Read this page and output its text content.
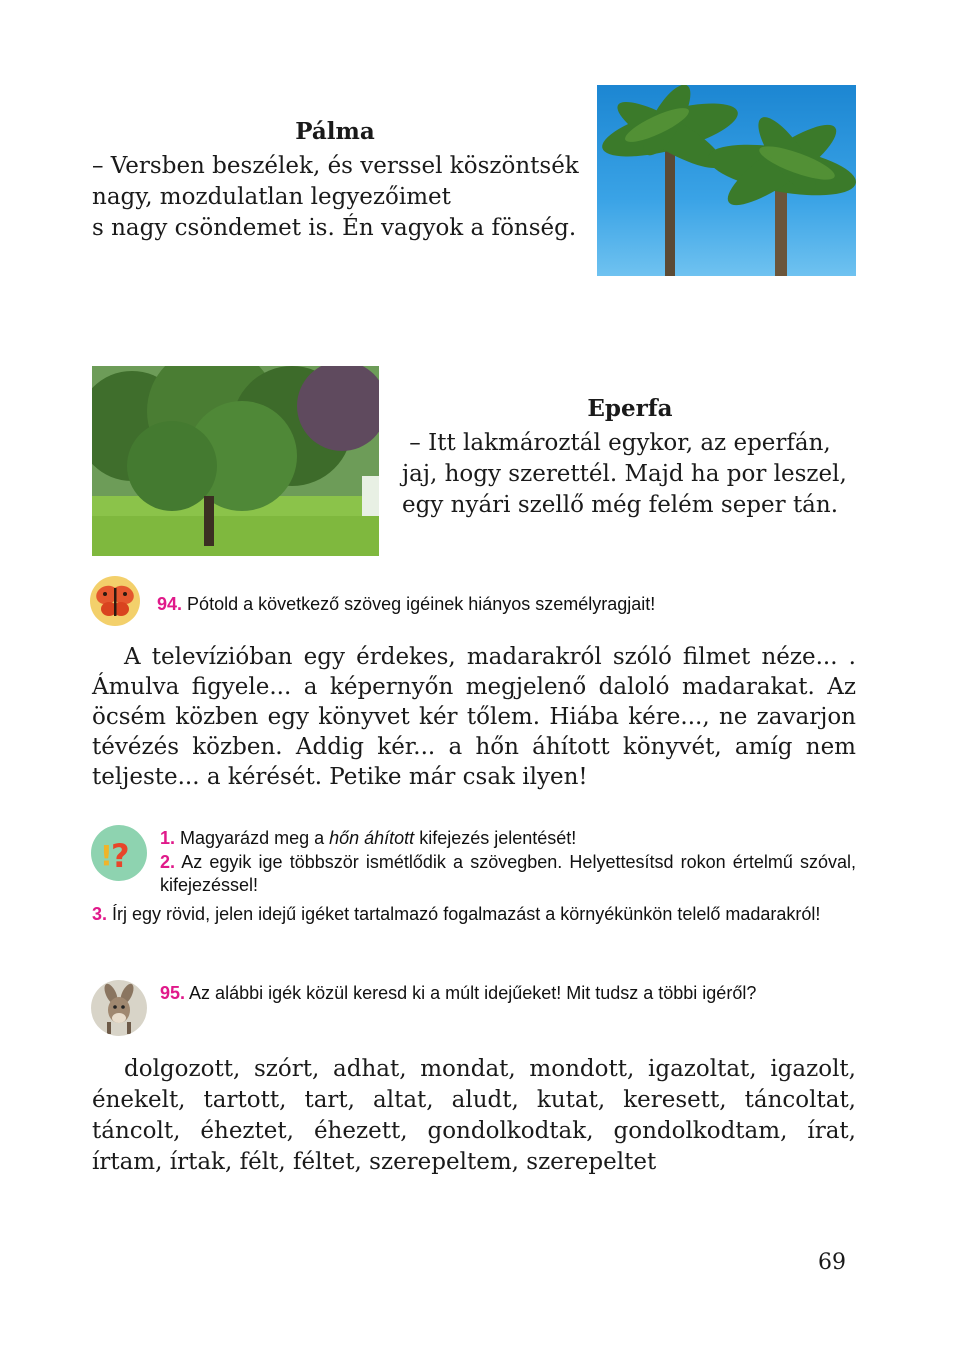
Pálma
– Versben beszélek, és verssel köszöntsék
nagy, mozdulatlan legyezőimet
s nagy csöndemet is. Én vagyok a fönség.
Eperfa
– Itt lakmároztál egykor, az eperfán,
jaj, hogy szerettél. Majd ha por leszel,
egy nyári szellő még felém seper tán.
94. Pótold a következő szöveg igéinek hiányos személyragjait!
A televízióban egy érdekes, madarakról szóló filmet néze... . Ámulva figyele... a képernyőn megjelenő daloló madarakat. Az öcsém közben egy könyvet kér tőlem. Hiába kére..., ne zavarjon tévézés közben. Addig kér... a hőn áhított könyvét, amíg nem teljeste... a kérését. Petike már csak ilyen!
!
? 1. Magyarázd meg a hőn áhított kifejezés jelentését!
2. Az egyik ige többször ismétlődik a szövegben. Helyettesítsd rokon értelmű szóval, kifejezéssel!
3. Írj egy rövid, jelen idejű igéket tartalmazó fogalmazást a környékünkön telelő madarakról!
95. Az alábbi igék közül keresd ki a múlt idejűeket! Mit tudsz a többi igéről?
dolgozott, szórt, adhat, mondat, mondott, igazoltat, igazolt, énekelt, tartott, tart, altat, aludt, kutat, keresett, táncoltat, táncolt, éheztet, éhezett, gondolkodtak, gondolkodtam, írat, írtam, írtak, félt, féltet, szerepeltem, szerepeltet
69
